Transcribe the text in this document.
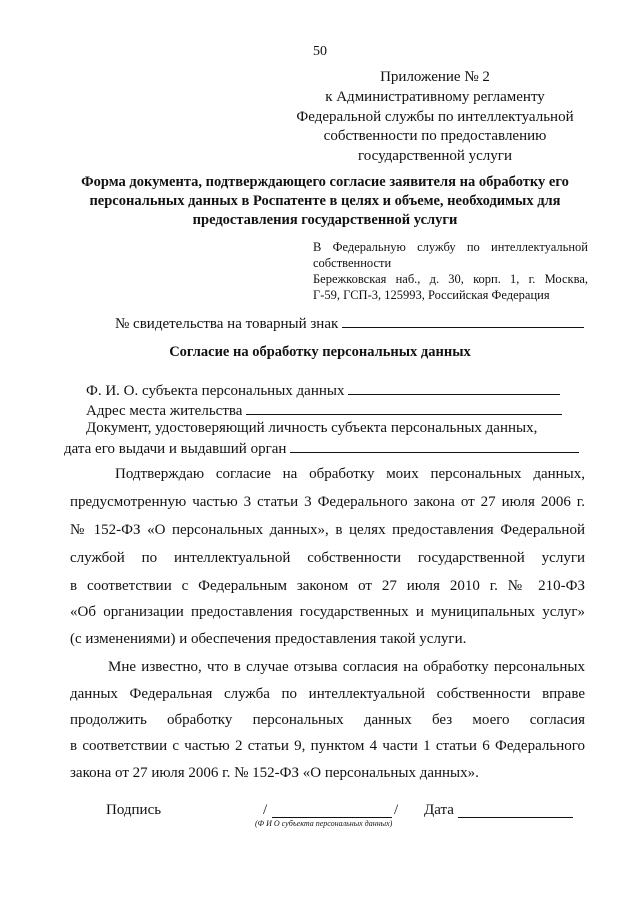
50
Приложение № 2
к Административному регламенту
Федеральной службы по интеллектуальной
собственности по предоставлению
государственной услуги
Форма документа, подтверждающего согласие заявителя на обработку его
персональных данных в Роспатенте в целях и объеме, необходимых для
предоставления государственной услуги
В Федеральную службу по интеллектуальной
собственности
Бережковская наб., д. 30, корп. 1, г. Москва,
Г-59, ГСП-3, 125993, Российская Федерация
№ свидетельства на товарный знак
Согласие на обработку персональных данных
Ф. И. О. субъекта персональных данных
Адрес места жительства
Документ, удостоверяющий личность субъекта персональных данных,
дата его выдачи и выдавший орган
Подтверждаю согласие на обработку моих персональных данных,
предусмотренную частью 3 статьи 3 Федерального закона от 27 июля 2006 г.
№ 152-ФЗ «О персональных данных», в целях предоставления Федеральной
службой по интеллектуальной собственности государственной услуги
в соответствии с Федеральным законом от 27 июля 2010 г. № 210-ФЗ
«Об организации предоставления государственных и муниципальных услуг»
(с изменениями) и обеспечения предоставления такой услуги.
Мне известно, что в случае отзыва согласия на обработку персональных
данных Федеральная служба по интеллектуальной собственности вправе
продолжить обработку персональных данных без моего согласия
в соответствии с частью 2 статьи 9, пунктом 4 части 1 статьи 6 Федерального
закона от 27 июля 2006 г. № 152-ФЗ «О персональных данных».
Подпись	/	/
(Ф И О субъекта персональных данных)
Дата
